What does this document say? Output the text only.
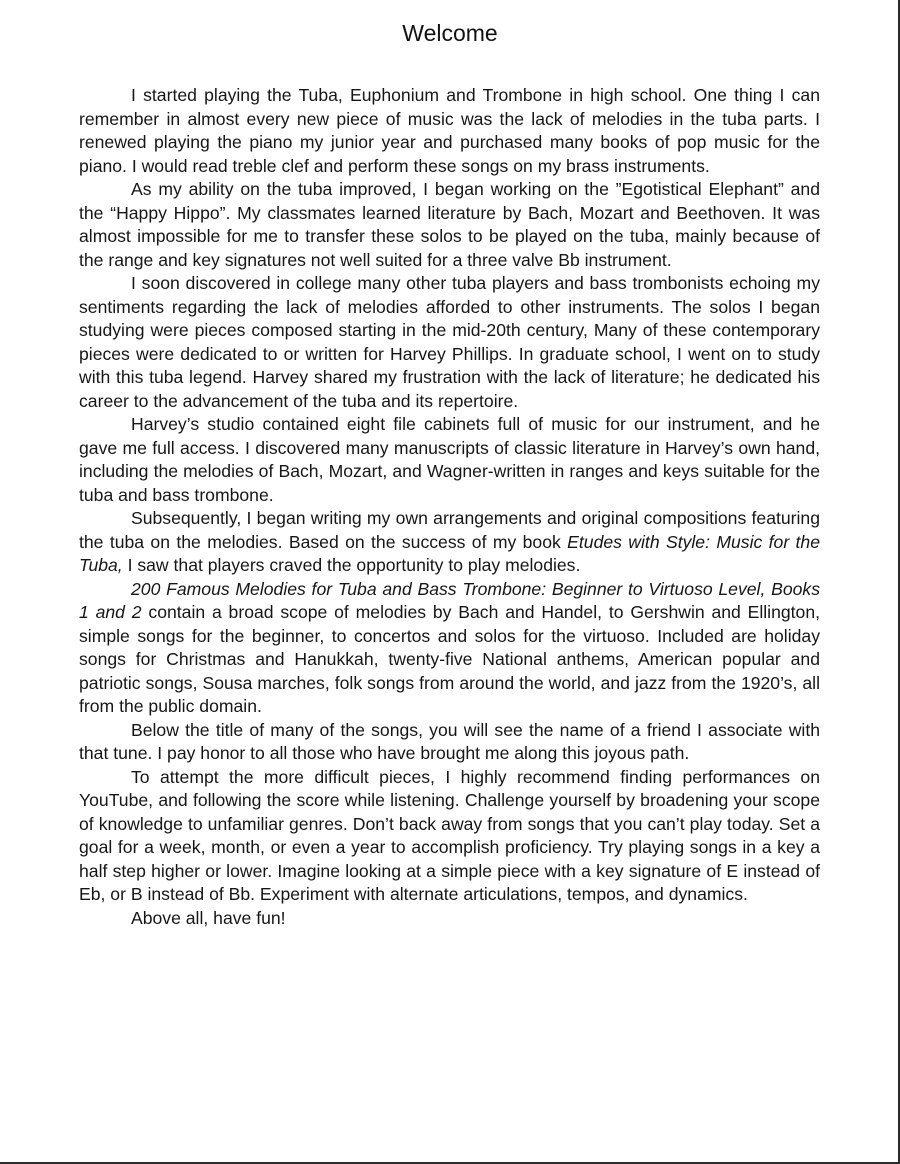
Welcome

I started playing the Tuba, Euphonium and Trombone in high school. One thing I can remember in almost every new piece of music was the lack of melodies in the tuba parts. I renewed playing the piano my junior year and purchased many books of pop music for the piano. I would read treble clef and perform these songs on my brass instruments.

As my ability on the tuba improved, I began working on the ”Egotistical Elephant” and the “Happy Hippo”. My classmates learned literature by Bach, Mozart and Beethoven. It was almost impossible for me to transfer these solos to be played on the tuba, mainly because of the range and key signatures not well suited for a three valve Bb instrument.

I soon discovered in college many other tuba players and bass trombonists echoing my sentiments regarding the lack of melodies afforded to other instruments. The solos I began studying were pieces composed starting in the mid-20th century, Many of these contemporary pieces were dedicated to or written for Harvey Phillips. In graduate school, I went on to study with this tuba legend. Harvey shared my frustration with the lack of literature; he dedicated his career to the advancement of the tuba and its repertoire.

Harvey’s studio contained eight file cabinets full of music for our instrument, and he gave me full access. I discovered many manuscripts of classic literature in Harvey’s own hand, including the melodies of Bach, Mozart, and Wagner-written in ranges and keys suitable for the tuba and bass trombone.

Subsequently, I began writing my own arrangements and original compositions featuring the tuba on the melodies. Based on the success of my book Etudes with Style: Music for the Tuba, I saw that players craved the opportunity to play melodies.

200 Famous Melodies for Tuba and Bass Trombone: Beginner to Virtuoso Level, Books 1 and 2 contain a broad scope of melodies by Bach and Handel, to Gershwin and Ellington, simple songs for the beginner, to concertos and solos for the virtuoso. Included are holiday songs for Christmas and Hanukkah, twenty-five National anthems, American popular and patriotic songs, Sousa marches, folk songs from around the world, and jazz from the 1920’s, all from the public domain.

Below the title of many of the songs, you will see the name of a friend I associate with that tune. I pay honor to all those who have brought me along this joyous path.

To attempt the more difficult pieces, I highly recommend finding performances on YouTube, and following the score while listening. Challenge yourself by broadening your scope of knowledge to unfamiliar genres. Don’t back away from songs that you can’t play today. Set a goal for a week, month, or even a year to accomplish proficiency. Try playing songs in a key a half step higher or lower. Imagine looking at a simple piece with a key signature of E instead of Eb, or B instead of Bb. Experiment with alternate articulations, tempos, and dynamics.

Above all, have fun!
